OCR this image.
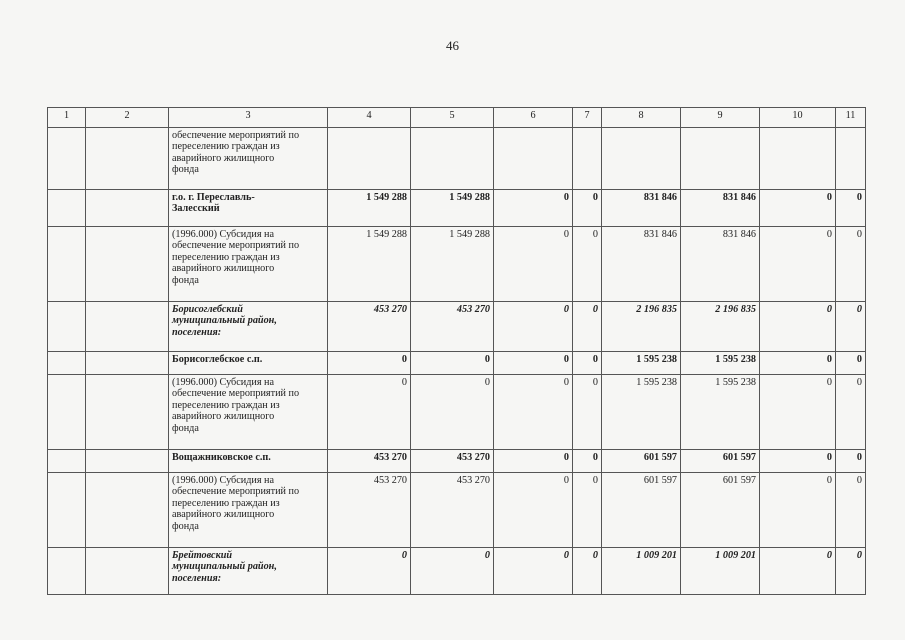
46
1	2	3	4	5	6	7	8	9	10	11

		обеспечение мероприятий по
переселению граждан из
аварийного жилищного
фонда								

		г.о. г. Переславль-
Залесский	1 549 288	1 549 288	0	0	831 846	831 846	0	0

		(1996.000) Субсидия на
обеспечение мероприятий по
переселению граждан из
аварийного жилищного
фонда	1 549 288	1 549 288	0	0	831 846	831 846	0	0

		Борисоглебский
муниципальный район,
поселения:	453 270	453 270	0	0	2 196 835	2 196 835	0	0

		Борисоглебское с.п.	0	0	0	0	1 595 238	1 595 238	0	0

		(1996.000) Субсидия на
обеспечение мероприятий по
переселению граждан из
аварийного жилищного
фонда	0	0	0	0	1 595 238	1 595 238	0	0

		Вощажниковское с.п.	453 270	453 270	0	0	601 597	601 597	0	0

		(1996.000) Субсидия на
обеспечение мероприятий по
переселению граждан из
аварийного жилищного
фонда	453 270	453 270	0	0	601 597	601 597	0	0

		Брейтовский
муниципальный район,
поселения:	0	0	0	0	1 009 201	1 009 201	0	0
